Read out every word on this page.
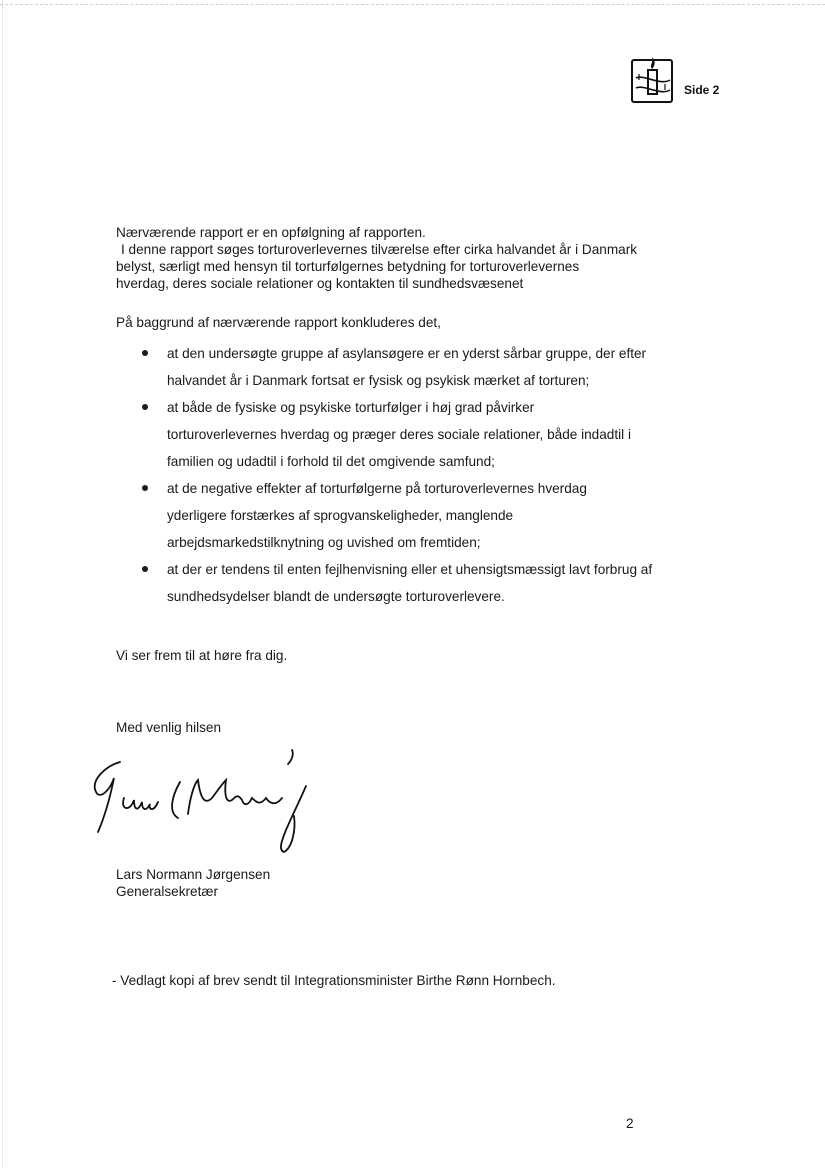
Side 2
Nærværende rapport er en opfølgning af rapporten.
I denne rapport søges torturoverlevernes tilværelse efter cirka halvandet år i Danmark
belyst, særligt med hensyn til torturfølgernes betydning for torturoverlevernes
hverdag, deres sociale relationer og kontakten til sundhedsvæsenet
På baggrund af nærværende rapport konkluderes det,
at den undersøgte gruppe af asylansøgere er en yderst sårbar gruppe, der efter
halvandet år i Danmark fortsat er fysisk og psykisk mærket af torturen;
at både de fysiske og psykiske torturfølger i høj grad påvirker
torturoverlevernes hverdag og præger deres sociale relationer, både indadtil i
familien og udadtil i forhold til det omgivende samfund;
at de negative effekter af torturfølgerne på torturoverlevernes hverdag
yderligere forstærkes af sprogvanskeligheder, manglende
arbejdsmarkedstilknytning og uvished om fremtiden;
at der er tendens til enten fejlhenvisning eller et uhensigtsmæssigt lavt forbrug af
sundhedsydelser blandt de undersøgte torturoverlevere.
Vi ser frem til at høre fra dig.
Med venlig hilsen
Lars Normann Jørgensen
Generalsekretær
- Vedlagt kopi af brev sendt til Integrationsminister Birthe Rønn Hornbech.
2
